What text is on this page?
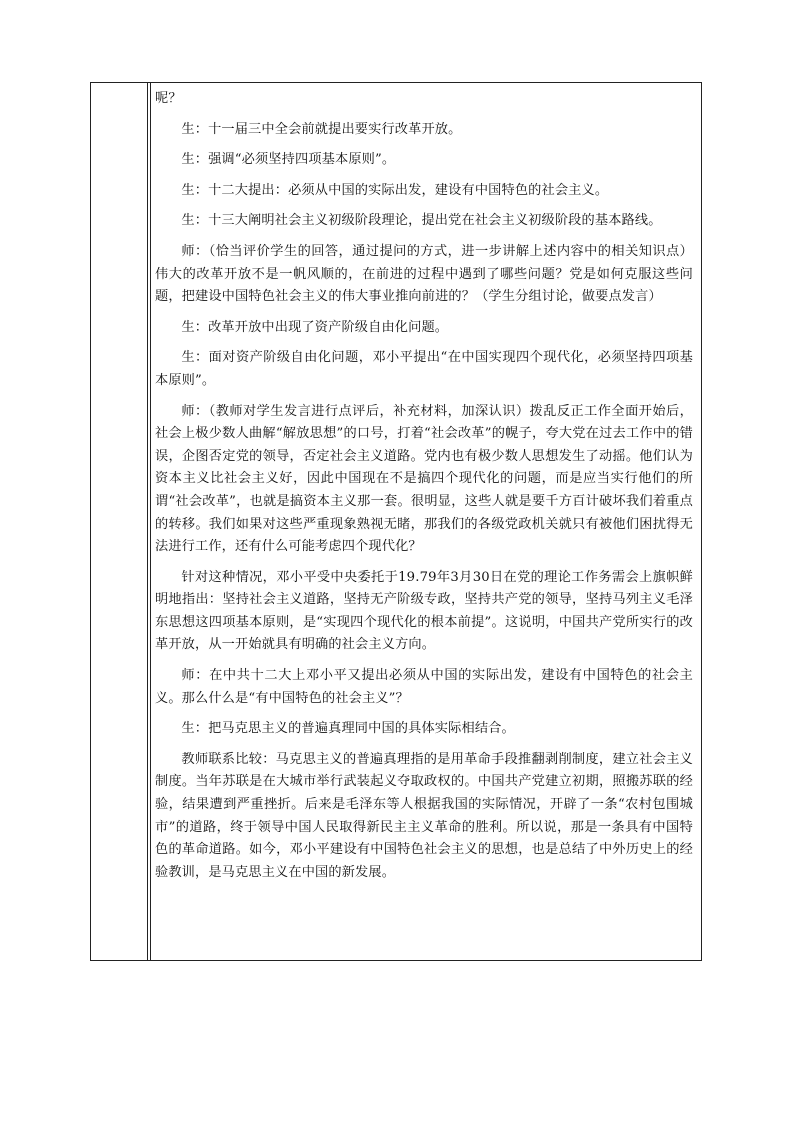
呢？

生：十一届三中全会前就提出要实行改革开放。

生：强调“必须坚持四项基本原则”。

生：十二大提出：必须从中国的实际出发，建设有中国特色的社会主义。

生：十三大阐明社会主义初级阶段理论，提出党在社会主义初级阶段的基本路线。

师：（恰当评价学生的回答，通过提问的方式，进一步讲解上述内容中的相关知识点）伟大的改革开放不是一帆风顺的，在前进的过程中遇到了哪些问题？党是如何克服这些问题，把建设中国特色社会主义的伟大事业推向前进的？（学生分组讨论，做要点发言）

生：改革开放中出现了资产阶级自由化问题。

生：面对资产阶级自由化问题，邓小平提出“在中国实现四个现代化，必须坚持四项基本原则”。

师：（教师对学生发言进行点评后，补充材料，加深认识）拨乱反正工作全面开始后，社会上极少数人曲解“解放思想”的口号，打着“社会改革”的幌子，夸大党在过去工作中的错误，企图否定党的领导，否定社会主义道路。党内也有极少数人思想发生了动摇。他们认为资本主义比社会主义好，因此中国现在不是搞四个现代化的问题，而是应当实行他们的所谓“社会改革”，也就是搞资本主义那一套。很明显，这些人就是要千方百计破坏我们着重点的转移。我们如果对这些严重现象熟视无睹，那我们的各级党政机关就只有被他们困扰得无法进行工作，还有什么可能考虑四个现代化？

针对这种情况，邓小平受中央委托于19.79年3月30日在党的理论工作务需会上旗帜鲜明地指出：坚持社会主义道路，坚持无产阶级专政，坚持共产党的领导，坚持马列主义毛泽东思想这四项基本原则，是“实现四个现代化的根本前提”。这说明，中国共产党所实行的改革开放，从一开始就具有明确的社会主义方向。

师：在中共十二大上邓小平又提出必须从中国的实际出发，建设有中国特色的社会主义。那么什么是“有中国特色的社会主义”？

生：把马克思主义的普遍真理同中国的具体实际相结合。

教师联系比较：马克思主义的普遍真理指的是用革命手段推翻剥削制度，建立社会主义制度。当年苏联是在大城市举行武装起义夺取政权的。中国共产党建立初期，照搬苏联的经验，结果遭到严重挫折。后来是毛泽东等人根据我国的实际情况，开辟了一条“农村包围城市”的道路，终于领导中国人民取得新民主主义革命的胜利。所以说，那是一条具有中国特色的革命道路。如今，邓小平建设有中国特色社会主义的思想，也是总结了中外历史上的经验教训，是马克思主义在中国的新发展。
